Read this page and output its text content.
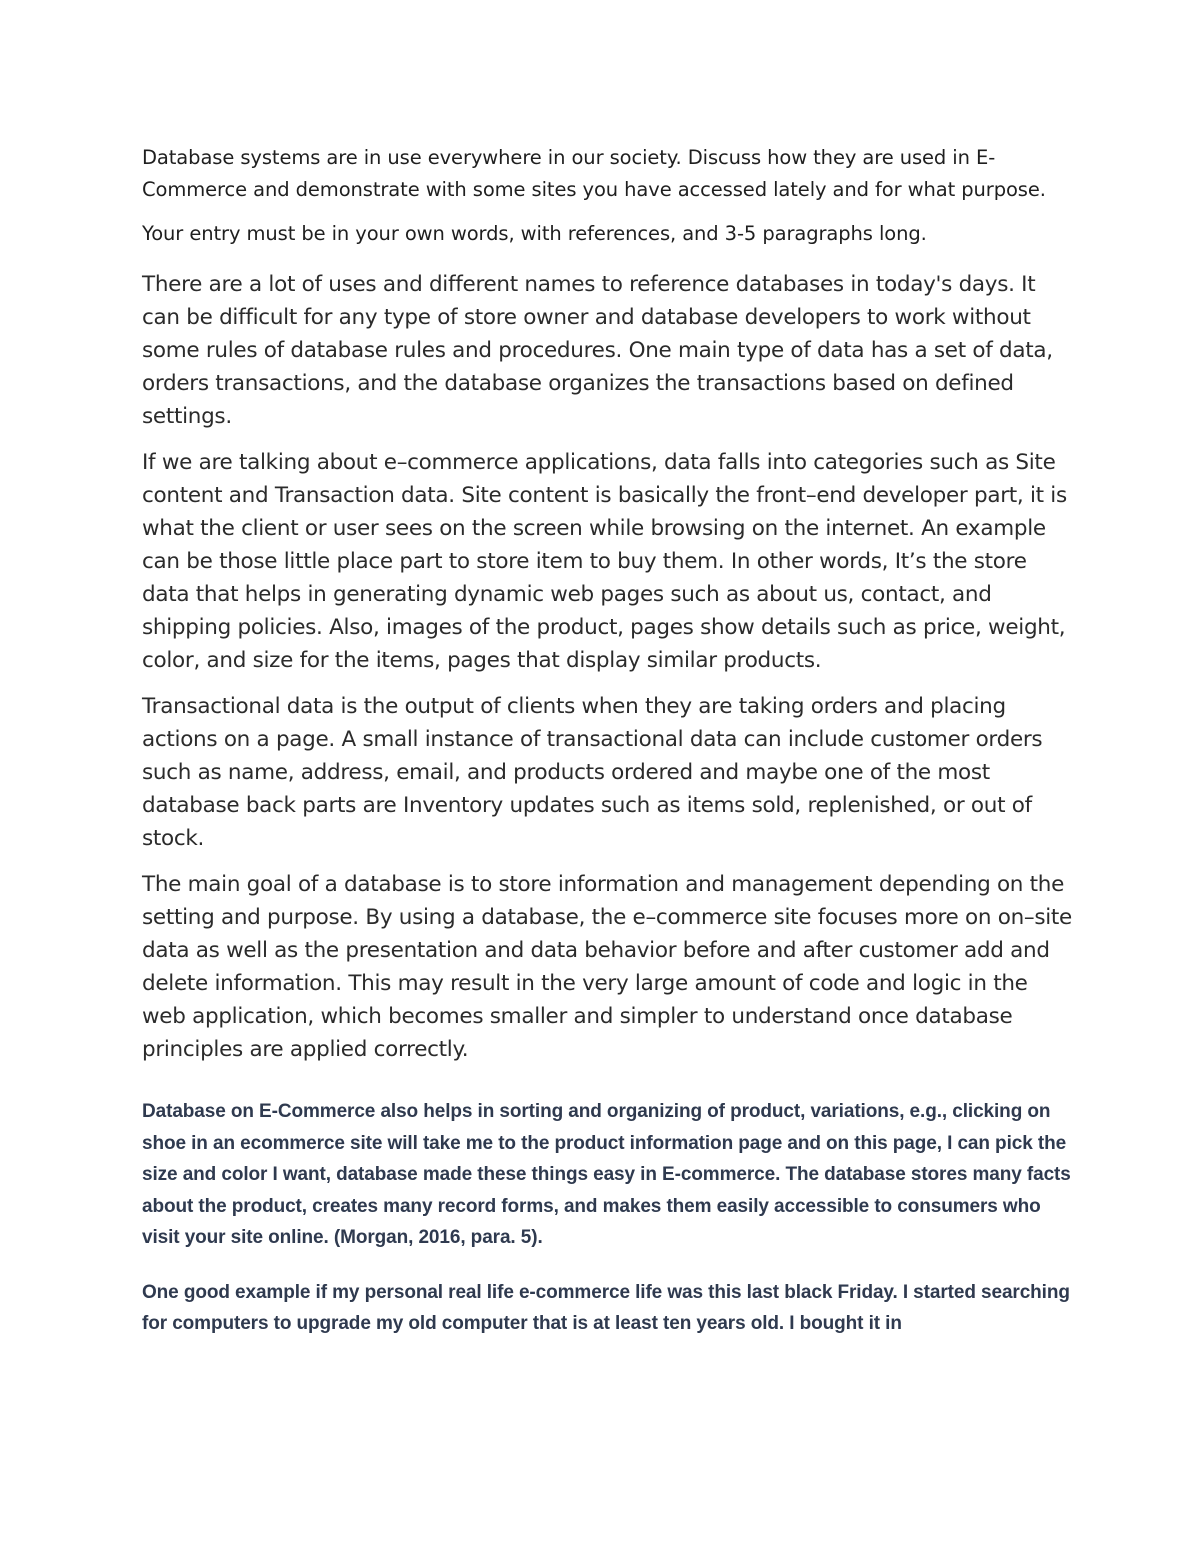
Database systems are in use everywhere in our society. Discuss how they are used in E-Commerce and demonstrate with some sites you have accessed lately and for what purpose.

Your entry must be in your own words, with references, and 3-5 paragraphs long.

There are a lot of uses and different names to reference databases in today's days. It can be difficult for any type of store owner and database developers to work without some rules of database rules and procedures. One main type of data has a set of data, orders transactions, and the database organizes the transactions based on defined settings.

If we are talking about e–commerce applications, data falls into categories such as Site content and Transaction data. Site content is basically the front–end developer part, it is what the client or user sees on the screen while browsing on the internet. An example can be those little place part to store item to buy them. In other words, It’s the store data that helps in generating dynamic web pages such as about us, contact, and shipping policies. Also, images of the product, pages show details such as price, weight, color, and size for the items, pages that display similar products.

Transactional data is the output of clients when they are taking orders and placing actions on a page. A small instance of transactional data can include customer orders such as name, address, email, and products ordered and maybe one of the most database back parts are Inventory updates such as items sold, replenished, or out of stock.

The main goal of a database is to store information and management depending on the setting and purpose. By using a database, the e–commerce site focuses more on on–site data as well as the presentation and data behavior before and after customer add and delete information. This may result in the very large amount of code and logic in the web application, which becomes smaller and simpler to understand once database principles are applied correctly.

Database on E-Commerce also helps in sorting and organizing of product, variations, e.g., clicking on shoe in an ecommerce site will take me to the product information page and on this page, I can pick the size and color I want, database made these things easy in E-commerce. The database stores many facts about the product, creates many record forms, and makes them easily accessible to consumers who visit your site online. (Morgan, 2016, para. 5).

One good example if my personal real life e-commerce life was this last black Friday. I started searching for computers to upgrade my old computer that is at least ten years old. I bought it in
